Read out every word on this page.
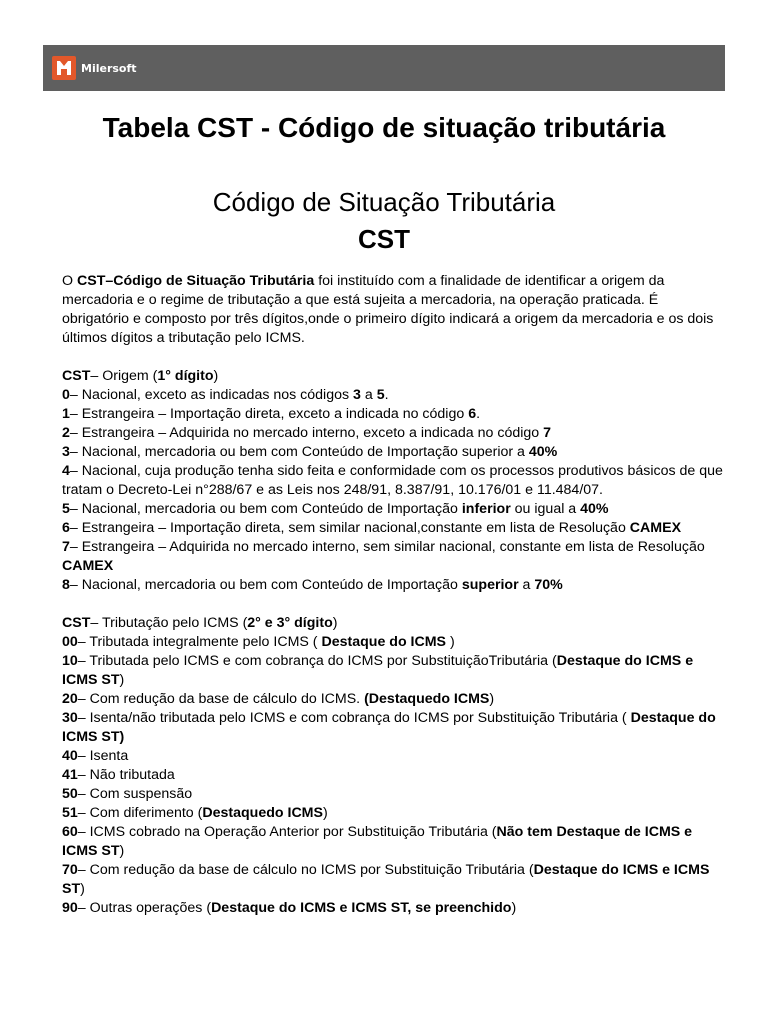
Milersoft
Tabela CST - Código de situação tributária
Código de Situação Tributária
CST

O CST–Código de Situação Tributária foi instituído com a finalidade de identificar a origem da mercadoria e o regime de tributação a que está sujeita a mercadoria, na operação praticada. É obrigatório e composto por três dígitos,onde o primeiro dígito indicará a origem da mercadoria e os dois últimos dígitos a tributação pelo ICMS.

CST– Origem (1° dígito)

0– Nacional, exceto as indicadas nos códigos 3 a 5.

1– Estrangeira – Importação direta, exceto a indicada no código 6.

2– Estrangeira – Adquirida no mercado interno, exceto a indicada no código 7

3– Nacional, mercadoria ou bem com Conteúdo de Importação superior a 40%

4– Nacional, cuja produção tenha sido feita e conformidade com os processos produtivos básicos de que tratam o Decreto-Lei n°288/67 e as Leis nos 248/91, 8.387/91, 10.176/01 e 11.484/07.

5– Nacional, mercadoria ou bem com Conteúdo de Importação inferior ou igual a 40%

6– Estrangeira – Importação direta, sem similar nacional,constante em lista de Resolução CAMEX

7– Estrangeira – Adquirida no mercado interno, sem similar nacional, constante em lista de Resolução CAMEX

8– Nacional, mercadoria ou bem com Conteúdo de Importação superior a 70%

CST– Tributação pelo ICMS (2° e 3° dígito)

00– Tributada integralmente pelo ICMS ( Destaque do ICMS )

10– Tributada pelo ICMS e com cobrança do ICMS por SubstituiçãoTributária (Destaque do ICMS e ICMS ST)

20– Com redução da base de cálculo do ICMS. (Destaquedo ICMS)

30– Isenta/não tributada pelo ICMS e com cobrança do ICMS por Substituição Tributária ( Destaque do ICMS ST)

40– Isenta

41– Não tributada

50– Com suspensão

51– Com diferimento (Destaquedo ICMS)

60– ICMS cobrado na Operação Anterior por Substituição Tributária (Não tem Destaque de ICMS e ICMS ST)

70– Com redução da base de cálculo no ICMS por Substituição Tributária (Destaque do ICMS e ICMS ST)

90– Outras operações (Destaque do ICMS e ICMS ST, se preenchido)
